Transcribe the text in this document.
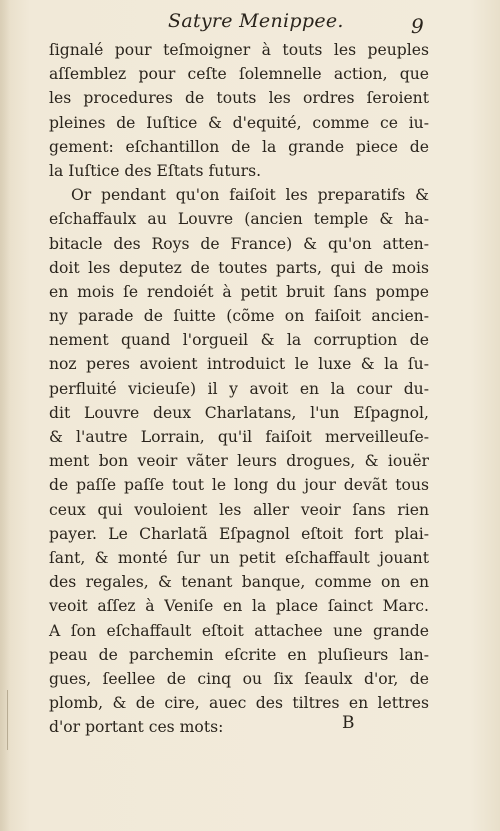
Satyre Menippee.	9
ſignalé pour teſmoigner à touts les peuples
aſſemblez pour ceſte ſolemnelle action, que
les procedures de touts les ordres ſeroient
pleines de Iuſtice & d'equité, comme ce iu-
gement: eſchantillon de la grande piece de
la Iuſtice des Eſtats futurs.
Or pendant qu'on faiſoit les preparatifs &
eſchaffaulx au Louvre (ancien temple & ha-
bitacle des Roys de France) & qu'on atten-
doit les deputez de toutes parts, qui de mois
en mois ſe rendoiét à petit bruit ſans pompe
ny parade de ſuitte (cõme on faiſoit ancien-
nement quand l'orgueil & la corruption de
noz peres avoient introduict le luxe & la ſu-
perfluité vicieuſe) il y avoit en la cour du-
dit Louvre deux Charlatans, l'un Eſpagnol,
& l'autre Lorrain, qu'il faiſoit merveilleuſe-
ment bon veoir vãter leurs drogues, & iouër
de paſſe paſſe tout le long du jour devãt tous
ceux qui vouloient les aller veoir ſans rien
payer. Le Charlatã Eſpagnol eſtoit fort plai-
ſant, & monté ſur un petit eſchaffault jouant
des regales, & tenant banque, comme on en
veoit aſſez à Veniſe en la place ſainct Marc.
A ſon eſchaffault eſtoit attachee une grande
peau de parchemin eſcrite en pluſieurs lan-
gues, ſeellee de cinq ou ſix ſeaulx d'or, de
plomb, & de cire, auec des tiltres en lettres
d'or portant ces mots:	B
